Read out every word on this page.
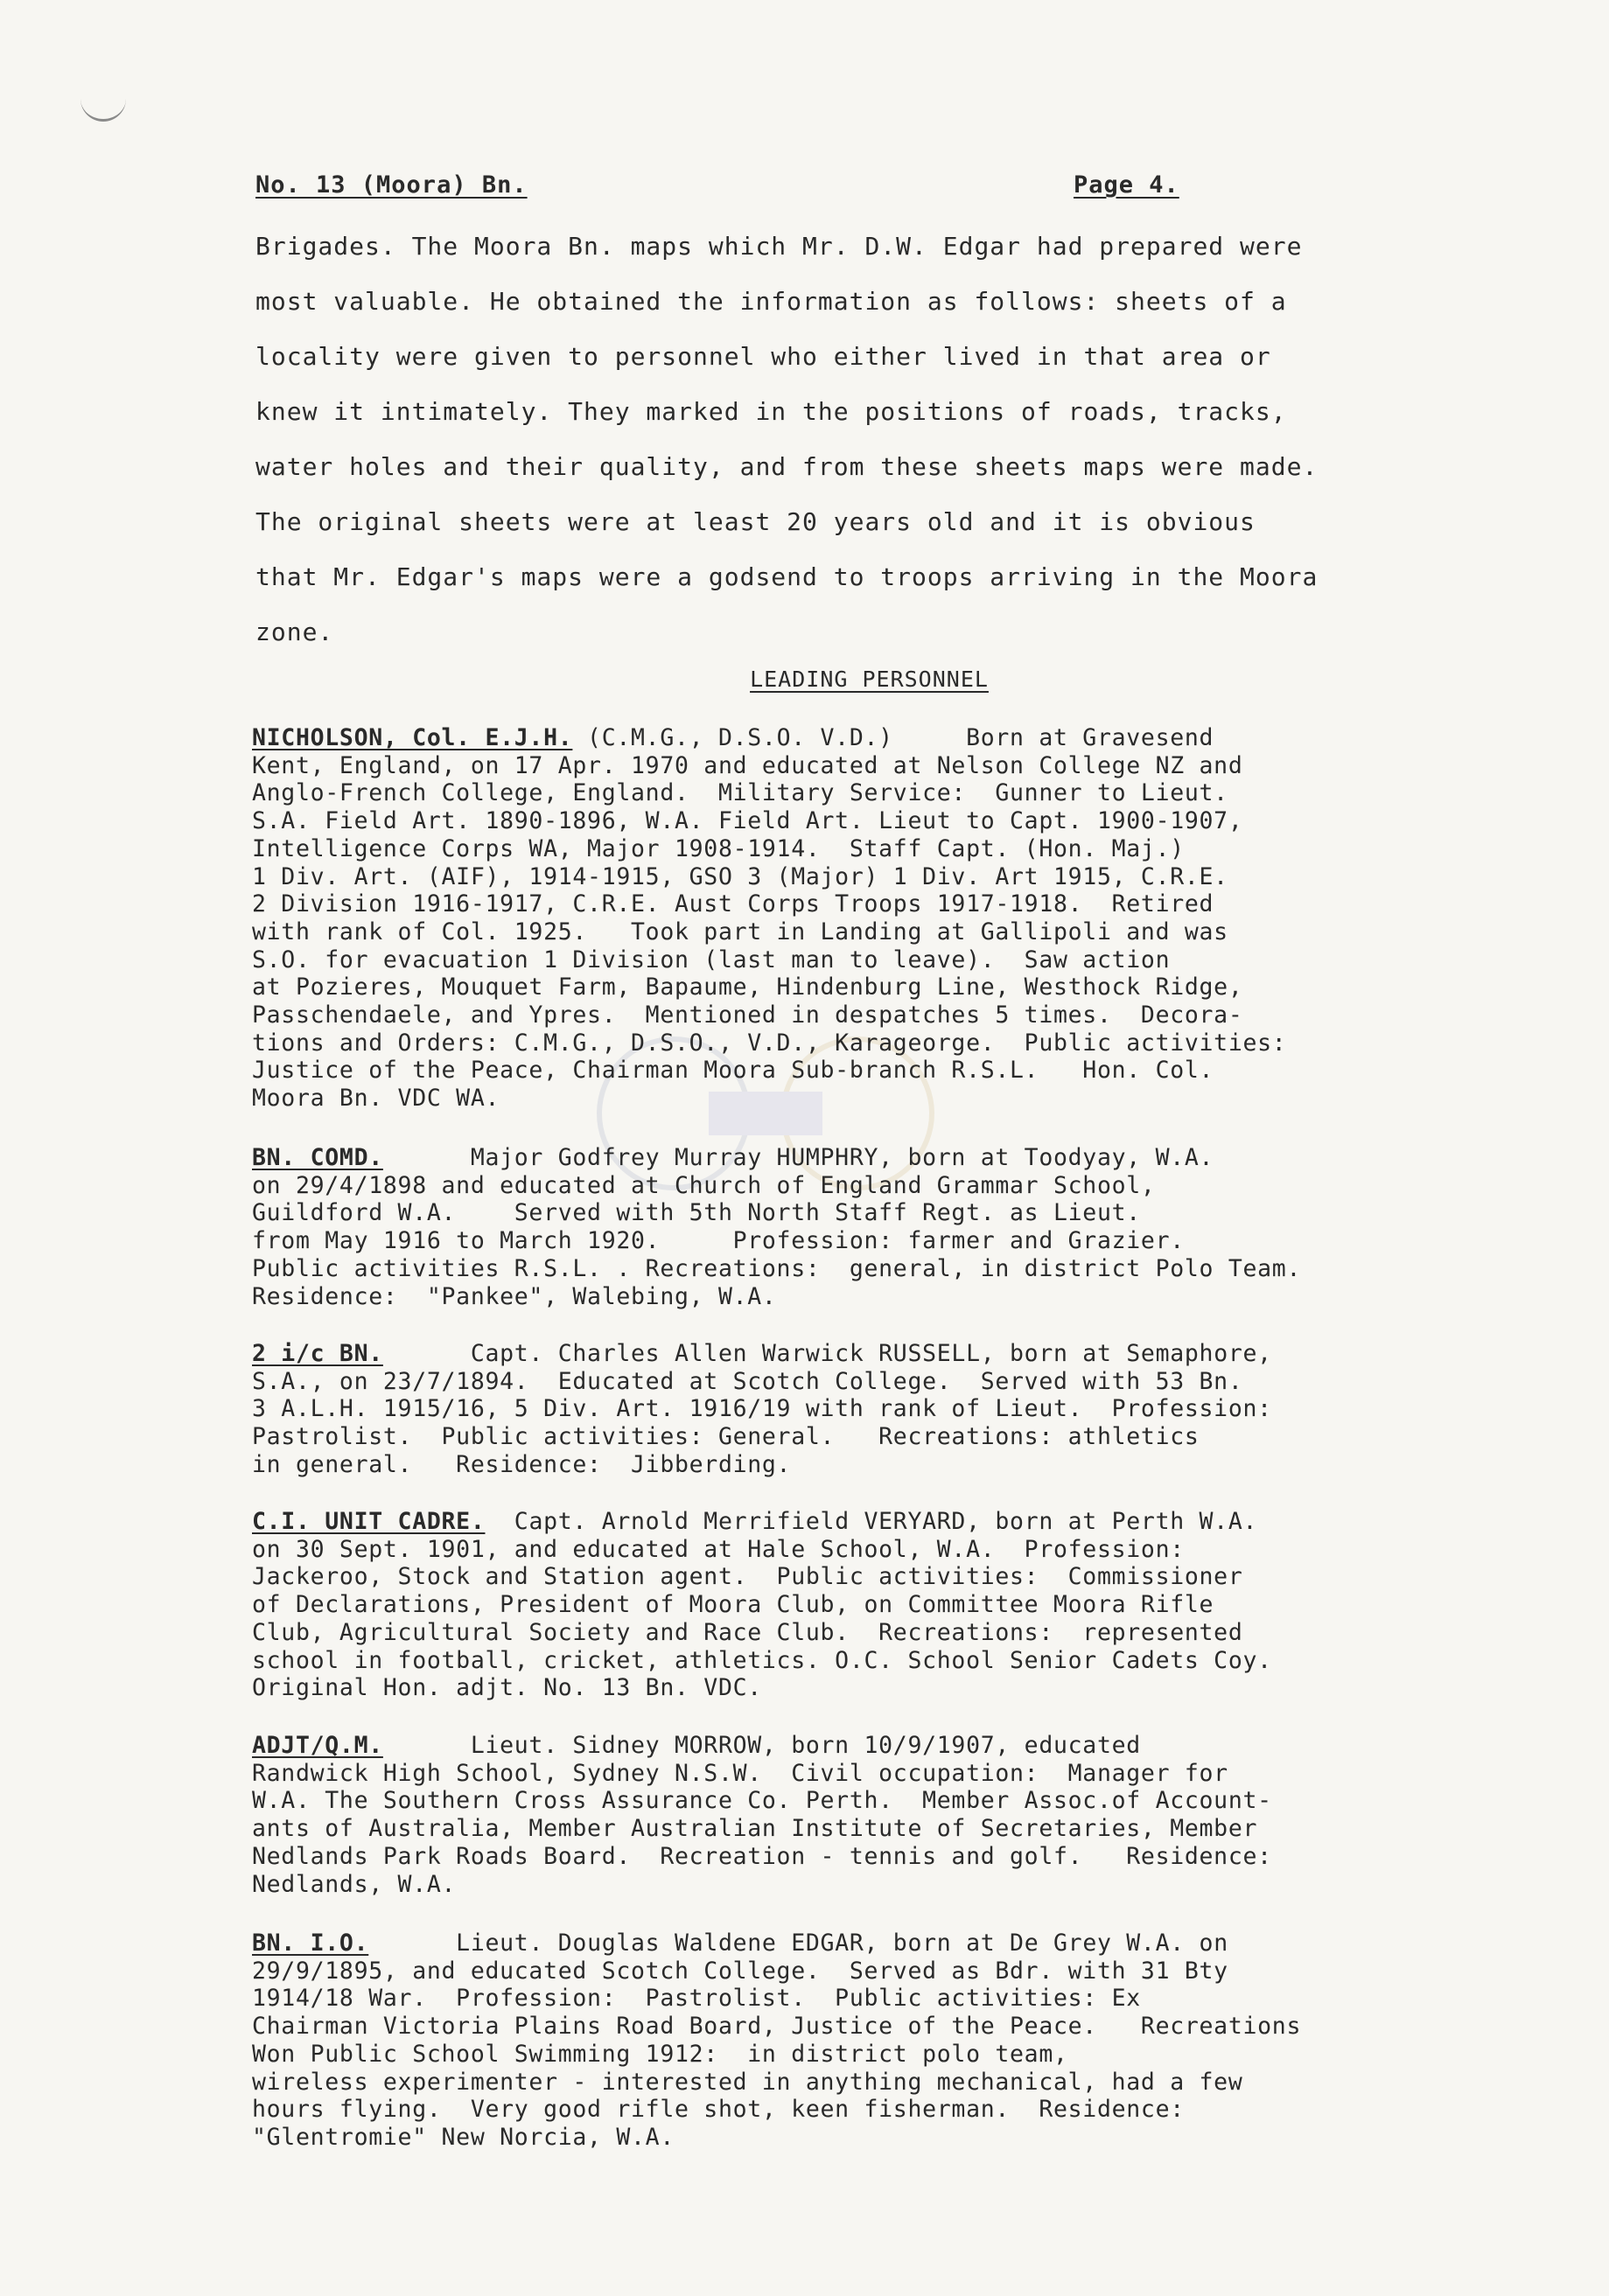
No. 13 (Moora) Bn.	Page 4.

Brigades. The Moora Bn. maps which Mr. D.W. Edgar had prepared were

most valuable. He obtained the information as follows: sheets of a

locality were given to personnel who either lived in that area or

knew it intimately. They marked in the positions of roads, tracks,

water holes and their quality, and from these sheets maps were made.

The original sheets were at least 20 years old and it is obvious

that Mr. Edgar's maps were a godsend to troops arriving in the Moora

zone.

LEADING PERSONNEL
NICHOLSON, Col. E.J.H. (C.M.G., D.S.O. V.D.)     Born at Gravesend
Kent, England, on 17 Apr. 1970 and educated at Nelson College NZ and
Anglo-French College, England.  Military Service:  Gunner to Lieut.
S.A. Field Art. 1890-1896, W.A. Field Art. Lieut to Capt. 1900-1907,
Intelligence Corps WA, Major 1908-1914.  Staff Capt. (Hon. Maj.)
1 Div. Art. (AIF), 1914-1915, GSO 3 (Major) 1 Div. Art 1915, C.R.E.
2 Division 1916-1917, C.R.E. Aust Corps Troops 1917-1918.  Retired
with rank of Col. 1925.   Took part in Landing at Gallipoli and was
S.O. for evacuation 1 Division (last man to leave).  Saw action
at Pozieres, Mouquet Farm, Bapaume, Hindenburg Line, Westhock Ridge,
Passchendaele, and Ypres.  Mentioned in despatches 5 times.  Decora-
tions and Orders: C.M.G., D.S.O., V.D., Karageorge.  Public activities:
Justice of the Peace, Chairman Moora Sub-branch R.S.L.   Hon. Col.
Moora Bn. VDC WA.
BN. COMD.      Major Godfrey Murray HUMPHRY, born at Toodyay, W.A.
on 29/4/1898 and educated at Church of England Grammar School,
Guildford W.A.    Served with 5th North Staff Regt. as Lieut.
from May 1916 to March 1920.     Profession: farmer and Grazier.
Public activities R.S.L. . Recreations:  general, in district Polo Team.
Residence:  "Pankee", Walebing, W.A.
2 i/c BN.      Capt. Charles Allen Warwick RUSSELL, born at Semaphore,
S.A., on 23/7/1894.  Educated at Scotch College.  Served with 53 Bn.
3 A.L.H. 1915/16, 5 Div. Art. 1916/19 with rank of Lieut.  Profession:
Pastrolist.  Public activities: General.   Recreations: athletics
in general.   Residence:  Jibberding.
C.I. UNIT CADRE.  Capt. Arnold Merrifield VERYARD, born at Perth W.A.
on 30 Sept. 1901, and educated at Hale School, W.A.  Profession:
Jackeroo, Stock and Station agent.  Public activities:  Commissioner
of Declarations, President of Moora Club, on Committee Moora Rifle
Club, Agricultural Society and Race Club.  Recreations:  represented
school in football, cricket, athletics. O.C. School Senior Cadets Coy.
Original Hon. adjt. No. 13 Bn. VDC.
ADJT/Q.M.      Lieut. Sidney MORROW, born 10/9/1907, educated
Randwick High School, Sydney N.S.W.  Civil occupation:  Manager for
W.A. The Southern Cross Assurance Co. Perth.  Member Assoc.of Account-
ants of Australia, Member Australian Institute of Secretaries, Member
Nedlands Park Roads Board.  Recreation - tennis and golf.   Residence:
Nedlands, W.A.
BN. I.O.      Lieut. Douglas Waldene EDGAR, born at De Grey W.A. on
29/9/1895, and educated Scotch College.  Served as Bdr. with 31 Bty
1914/18 War.  Profession:  Pastrolist.  Public activities: Ex
Chairman Victoria Plains Road Board, Justice of the Peace.   Recreations
Won Public School Swimming 1912:  in district polo team,
wireless experimenter - interested in anything mechanical, had a few
hours flying.  Very good rifle shot, keen fisherman.  Residence:
"Glentromie" New Norcia, W.A.
